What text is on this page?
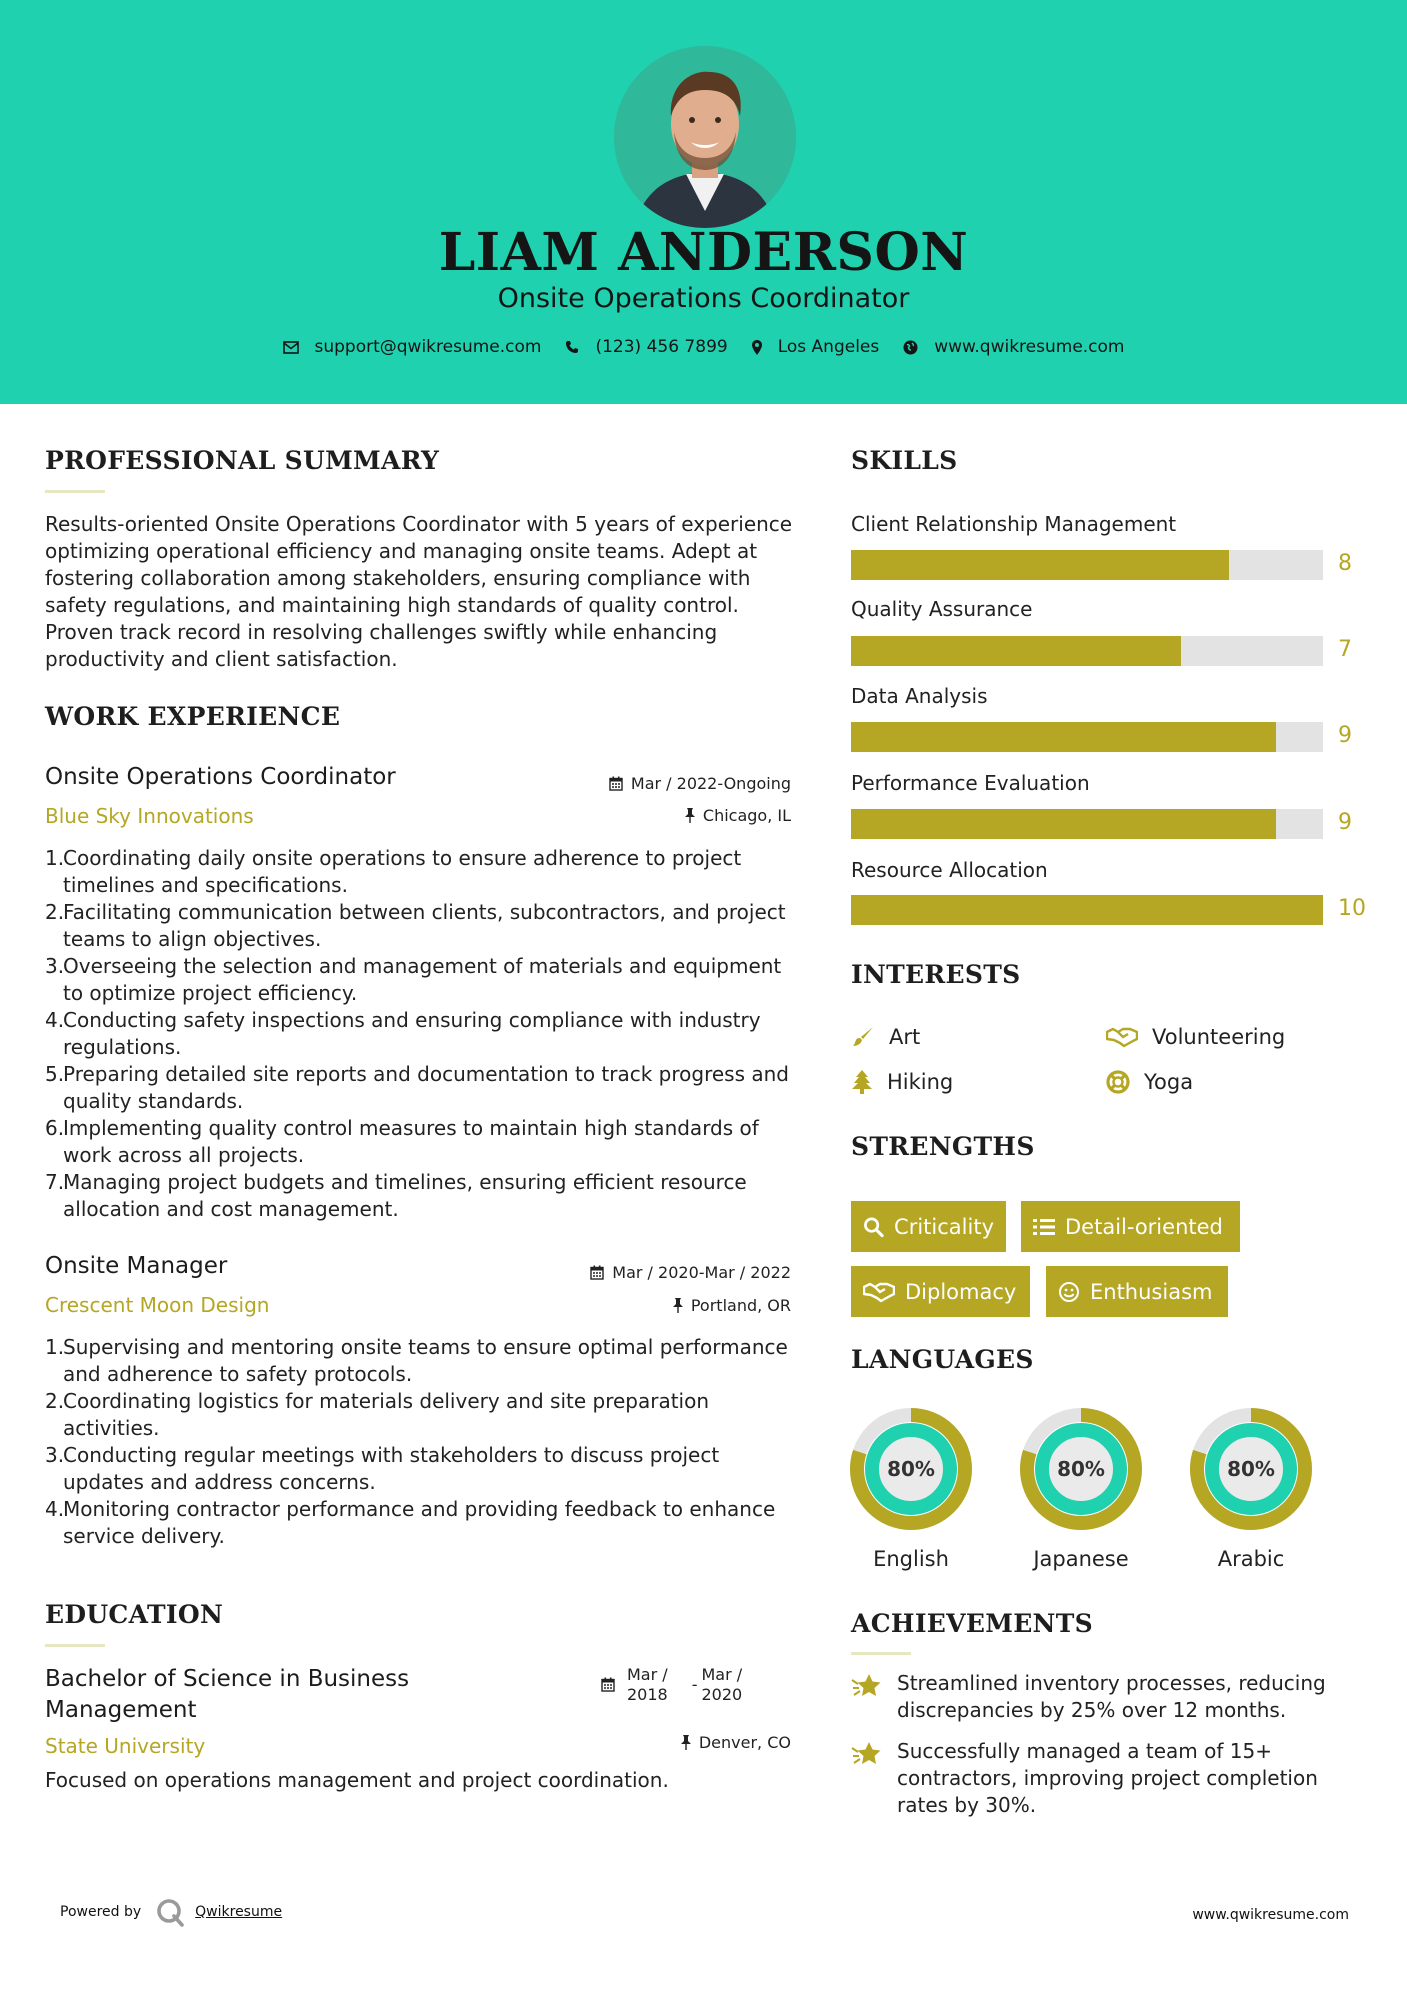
LIAM ANDERSON
Onsite Operations Coordinator
support@qwikresume.com	(123) 456 7899	Los Angeles	www.qwikresume.com
PROFESSIONAL SUMMARY
Results-oriented Onsite Operations Coordinator with 5 years of experience optimizing operational efficiency and managing onsite teams. Adept at fostering collaboration among stakeholders, ensuring compliance with safety regulations, and maintaining high standards of quality control. Proven track record in resolving challenges swiftly while enhancing productivity and client satisfaction.
WORK EXPERIENCE
Onsite Operations Coordinator
Blue Sky Innovations
Mar / 2022-Ongoing
Chicago, IL
1.
Coordinating daily onsite operations to ensure adherence to project timelines and specifications.
2.
Facilitating communication between clients, subcontractors, and project teams to align objectives.
3.
Overseeing the selection and management of materials and equipment to optimize project efficiency.
4.
Conducting safety inspections and ensuring compliance with industry regulations.
5.
Preparing detailed site reports and documentation to track progress and quality standards.
6.
Implementing quality control measures to maintain high standards of work across all projects.
7.
Managing project budgets and timelines, ensuring efficient resource allocation and cost management.
Onsite Manager
Crescent Moon Design
Mar / 2020-Mar / 2022
Portland, OR
1.
Supervising and mentoring onsite teams to ensure optimal performance and adherence to safety protocols.
2.
Coordinating logistics for materials delivery and site preparation activities.
3.
Conducting regular meetings with stakeholders to discuss project updates and address concerns.
4.
Monitoring contractor performance and providing feedback to enhance service delivery.
EDUCATION
Bachelor of Science in Business Management
State University
Mar /
2018
-
Mar /
2020
Denver, CO
Focused on operations management and project coordination.
SKILLS
Client Relationship Management
8
Quality Assurance
7
Data Analysis
9
Performance Evaluation
9
Resource Allocation
10
INTERESTS
Art	Volunteering
Hiking	Yoga
STRENGTHS
Criticality	Detail-oriented
Diplomacy	Enthusiasm
LANGUAGES
80%
English
80%
Japanese
80%
Arabic
ACHIEVEMENTS
Streamlined inventory processes, reducing discrepancies by 25% over 12 months.
Successfully managed a team of 15+ contractors, improving project completion rates by 30%.
Powered by	Qwikresume	www.qwikresume.com
